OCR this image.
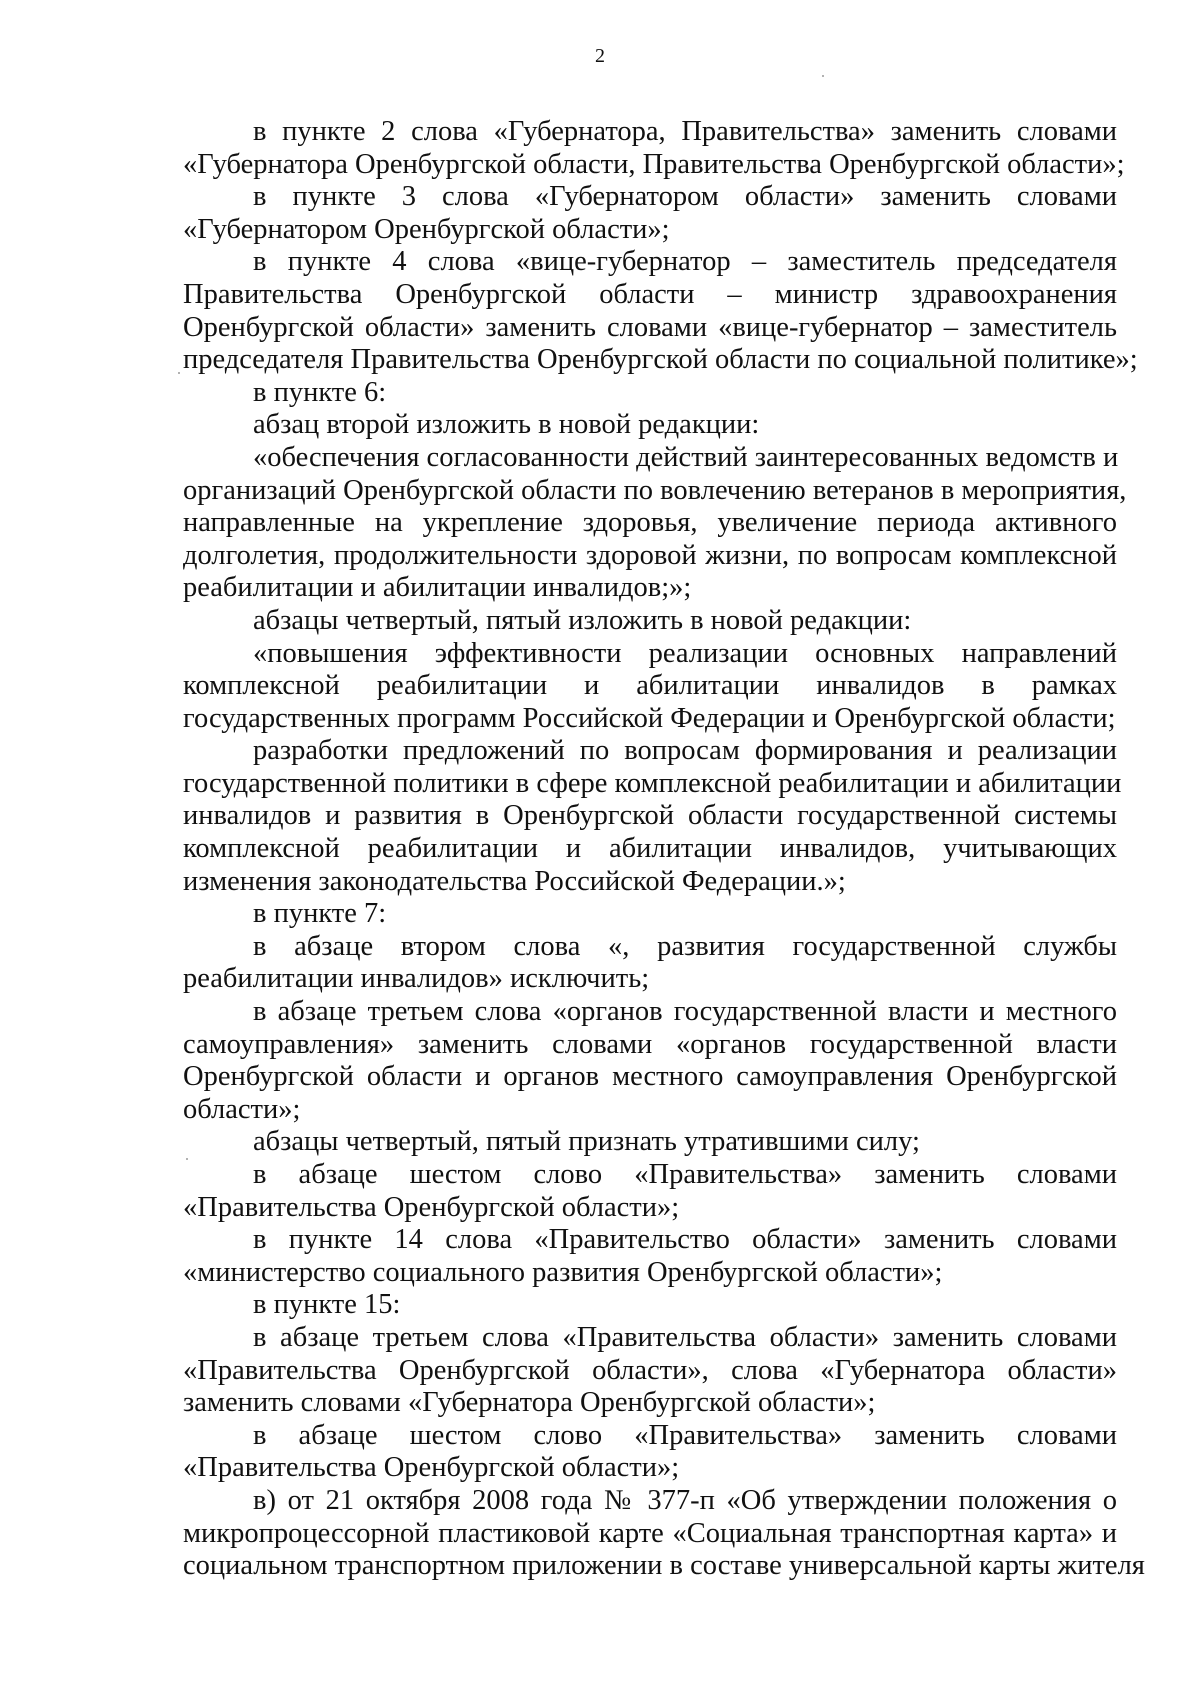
2
в пункте 2 слова «Губернатора, Правительства» заменить словами
«Губернатора Оренбургской области, Правительства Оренбургской области»;
в пункте 3 слова «Губернатором области» заменить словами
«Губернатором Оренбургской области»;
в пункте 4 слова «вице-губернатор – заместитель председателя
Правительства Оренбургской области – министр здравоохранения
Оренбургской области» заменить словами «вице-губернатор – заместитель
председателя Правительства Оренбургской области по социальной политике»;
в пункте 6:
абзац второй изложить в новой редакции:
«обеспечения согласованности действий заинтересованных ведомств и
организаций Оренбургской области по вовлечению ветеранов в мероприятия,
направленные на укрепление здоровья, увеличение периода активного
долголетия, продолжительности здоровой жизни, по вопросам комплексной
реабилитации и абилитации инвалидов;»;
абзацы четвертый, пятый изложить в новой редакции:
«повышения эффективности реализации основных направлений
комплексной реабилитации и абилитации инвалидов в рамках
государственных программ Российской Федерации и Оренбургской области;
разработки предложений по вопросам формирования и реализации
государственной политики в сфере комплексной реабилитации и абилитации
инвалидов и развития в Оренбургской области государственной системы
комплексной реабилитации и абилитации инвалидов, учитывающих
изменения законодательства Российской Федерации.»;
в пункте 7:
в абзаце втором слова «, развития государственной службы
реабилитации инвалидов» исключить;
в абзаце третьем слова «органов государственной власти и местного
самоуправления» заменить словами «органов государственной власти
Оренбургской области и органов местного самоуправления Оренбургской
области»;
абзацы четвертый, пятый признать утратившими силу;
в абзаце шестом слово «Правительства» заменить словами
«Правительства Оренбургской области»;
в пункте 14 слова «Правительство области» заменить словами
«министерство социального развития Оренбургской области»;
в пункте 15:
в абзаце третьем слова «Правительства области» заменить словами
«Правительства Оренбургской области», слова «Губернатора области»
заменить словами «Губернатора Оренбургской области»;
в абзаце шестом слово «Правительства» заменить словами
«Правительства Оренбургской области»;
в) от 21 октября 2008 года № 377-п «Об утверждении положения о
микропроцессорной пластиковой карте «Социальная транспортная карта» и
социальном транспортном приложении в составе универсальной карты жителя
